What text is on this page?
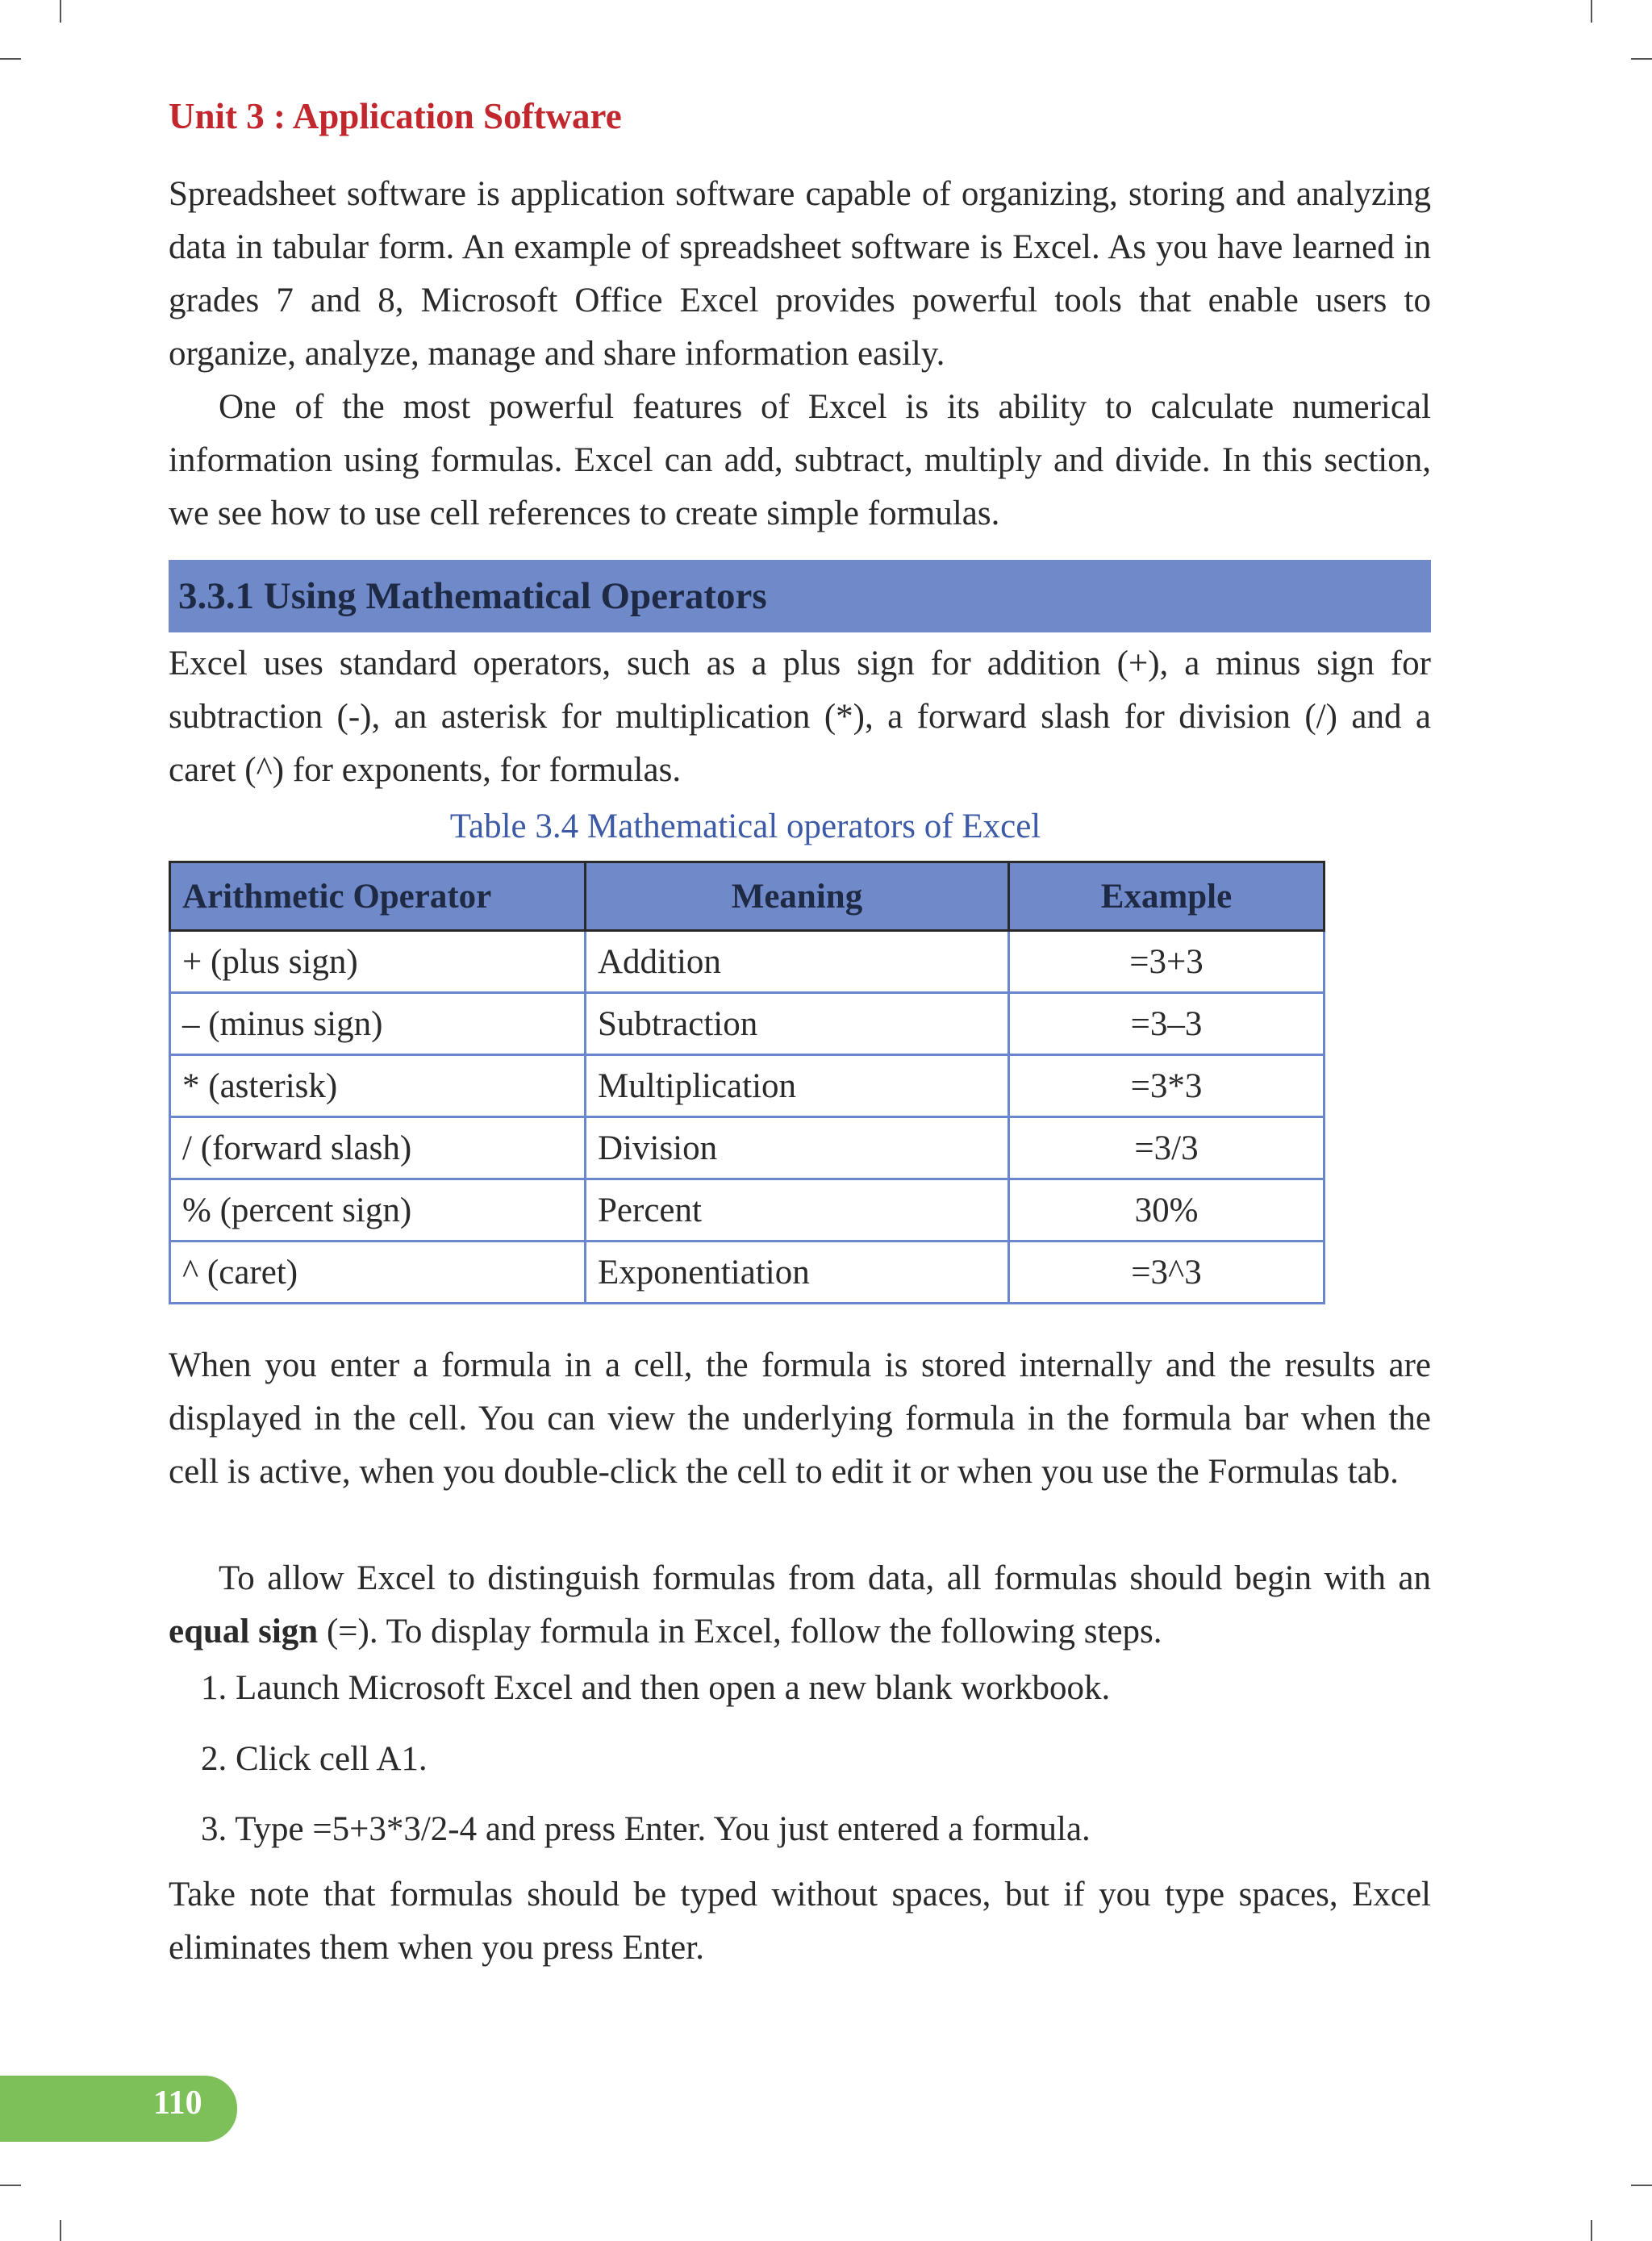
Unit 3 : Application Software

Spreadsheet software is application software capable of organizing, storing and analyzing data in tabular form. An example of spreadsheet software is Excel. As you have learned in grades 7 and 8, Microsoft Office Excel provides powerful tools that enable users to organize, analyze, manage and share information easily.

One of the most powerful features of Excel is its ability to calculate numerical information using formulas. Excel can add, subtract, multiply and divide. In this section, we see how to use cell references to create simple formulas.

3.3.1 Using Mathematical Operators

Excel uses standard operators, such as a plus sign for addition (+), a minus sign for subtraction (-), an asterisk for multiplication (*), a forward slash for division (/) and a caret (^) for exponents, for formulas.

Table 3.4 Mathematical operators of Excel

Arithmetic Operator	Meaning	Example
+ (plus sign)	Addition	=3+3
– (minus sign)	Subtraction	=3–3
* (asterisk)	Multiplication	=3*3
/ (forward slash)	Division	=3/3
% (percent sign)	Percent	30%
^ (caret)	Exponentiation	=3^3

When you enter a formula in a cell, the formula is stored internally and the results are displayed in the cell. You can view the underlying formula in the formula bar when the cell is active, when you double-click the cell to edit it or when you use the Formulas tab.

To allow Excel to distinguish formulas from data, all formulas should begin with an equal sign (=). To display formula in Excel, follow the following steps.

1. Launch Microsoft Excel and then open a new blank workbook.
2. Click cell A1.
3. Type =5+3*3/2-4 and press Enter. You just entered a formula.

Take note that formulas should be typed without spaces, but if you type spaces, Excel eliminates them when you press Enter.

110
